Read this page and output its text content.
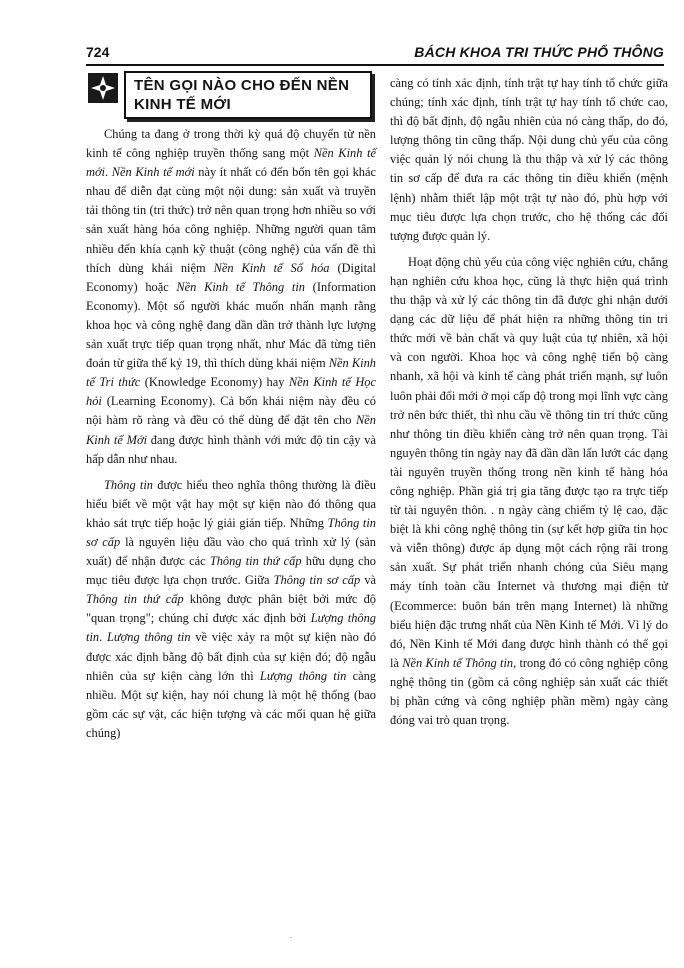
724	BÁCH KHOA TRI THỨC PHỔ THÔNG
TÊN GỌI NÀO CHO ĐẾN NỀN KINH TẾ MỚI

Chúng ta đang ở trong thời kỳ quá độ chuyển từ nền kinh tế công nghiệp truyền thống sang một Nền Kinh tế mới. Nền Kinh tế mới này ít nhất có đến bốn tên gọi khác nhau để diễn đạt cùng một nội dung: sản xuất và truyền tải thông tin (tri thức) trở nên quan trọng hơn nhiều so với sản xuất hàng hóa công nghiệp. Những người quan tâm nhiều đến khía cạnh kỹ thuật (công nghệ) của vấn đề thì thích dùng khái niệm Nền Kinh tế Số hóa (Digital Economy) hoặc Nền Kinh tế Thông tin (Information Economy). Một số người khác muốn nhấn mạnh rằng khoa học và công nghệ đang dần dần trở thành lực lượng sản xuất trực tiếp quan trọng nhất, như Mác đã từng tiên đoán từ giữa thế kỷ 19, thì thích dùng khái niệm Nền Kinh tế Tri thức (Knowledge Economy) hay Nền Kinh tế Học hỏi (Learning Economy). Cả bốn khái niệm này đều có nội hàm rõ ràng và đều có thể dùng để đặt tên cho Nền Kinh tế Mới đang được hình thành với mức độ tin cậy và hấp dẫn như nhau.

Thông tin được hiểu theo nghĩa thông thường là điều hiểu biết về một vật hay một sự kiện nào đó thông qua khảo sát trực tiếp hoặc lý giải gián tiếp. Những Thông tin sơ cấp là nguyên liệu đầu vào cho quá trình xử lý (sản xuất) để nhận được các Thông tin thứ cấp hữu dụng cho mục tiêu được lựa chọn trước. Giữa Thông tin sơ cấp và Thông tin thứ cấp không được phân biệt bởi mức độ "quan trọng"; chúng chỉ được xác định bởi Lượng thông tin. Lượng thông tin về việc xảy ra một sự kiện nào đó được xác định bằng độ bất định của sự kiện đó; độ ngẫu nhiên của sự kiện càng lớn thì Lượng thông tin càng nhiều. Một sự kiện, hay nói chung là một hệ thống (bao gồm các sự vật, các hiện tượng và các mối quan hệ giữa chúng)

càng có tính xác định, tính trật tự hay tính tổ chức giữa chúng; tính xác định, tính trật tự hay tính tổ chức cao, thì độ bất định, độ ngẫu nhiên của nó càng thấp, do đó, lượng thông tin cũng thấp. Nội dung chủ yếu của công việc quản lý nói chung là thu thập và xử lý các thông tin sơ cấp để đưa ra các thông tin điều khiển (mệnh lệnh) nhằm thiết lập một trật tự nào đó, phù hợp với mục tiêu được lựa chọn trước, cho hệ thống các đối tượng được quản lý.

Hoạt động chủ yếu của công việc nghiên cứu, chẳng hạn nghiên cứu khoa học, cũng là thực hiện quá trình thu thập và xử lý các thông tin đã được ghi nhận dưới dạng các dữ liệu để phát hiện ra những thông tin tri thức mới về bản chất và quy luật của tự nhiên, xã hội và con người. Khoa học và công nghệ tiến bộ càng nhanh, xã hội và kinh tế càng phát triển mạnh, sự luôn luôn phải đổi mới ở mọi cấp độ trong mọi lĩnh vực càng trở nên bức thiết, thì nhu cầu về thông tin tri thức cũng như thông tin điều khiển càng trở nên quan trọng. Tài nguyên thông tin ngày nay đã dần dần lấn lướt các dạng tài nguyên truyền thống trong nền kinh tế hàng hóa công nghiệp. Phần giá trị gia tăng được tạo ra trực tiếp từ tài nguyên thôn. . n ngày càng chiếm tỷ lệ cao, đặc biệt là khi công nghệ thông tin (sự kết hợp giữa tin học và viễn thông) được áp dụng một cách rộng rãi trong sản xuất. Sự phát triển nhanh chóng của Siêu mạng máy tính toàn cầu Internet và thương mại điện tử (Ecommerce: buôn bán trên mạng Internet) là những biểu hiện đặc trưng nhất của Nền Kinh tế Mới. Vì lý do đó, Nền Kinh tế Mới đang được hình thành có thể gọi là Nền Kinh tế Thông tin, trong đó có công nghiệp công nghệ thông tin (gồm cả công nghiệp sản xuất các thiết bị phần cứng và công nghiệp phần mềm) ngày càng đóng vai trò quan trọng.

.
